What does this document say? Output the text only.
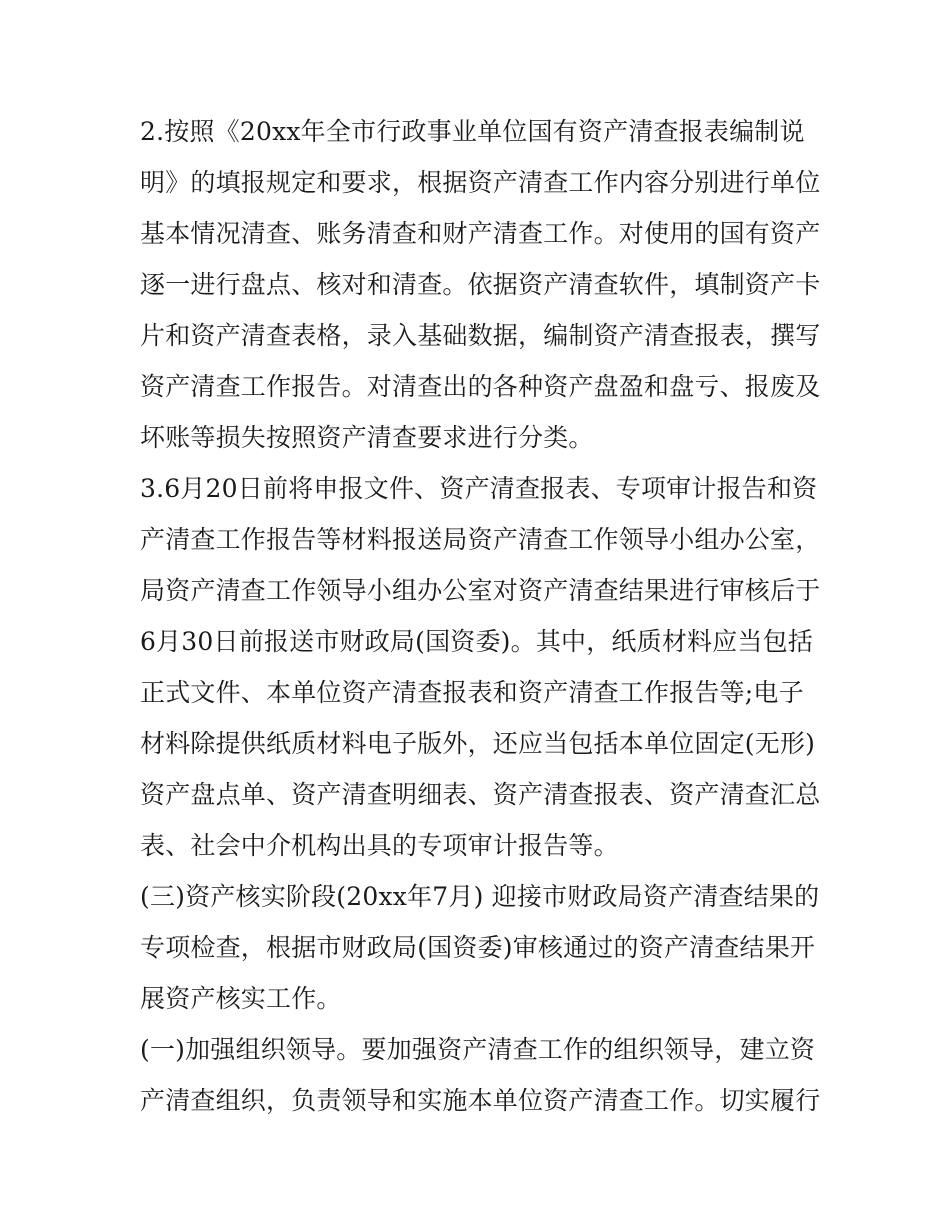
2.按照《20xx年全市行政事业单位国有资产清查报表编制说
明》的填报规定和要求，根据资产清查工作内容分别进行单位
基本情况清查、账务清查和财产清查工作。对使用的国有资产
逐一进行盘点、核对和清查。依据资产清查软件，填制资产卡
片和资产清查表格，录入基础数据，编制资产清查报表，撰写
资产清查工作报告。对清查出的各种资产盘盈和盘亏、报废及
坏账等损失按照资产清查要求进行分类。
3.6月20日前将申报文件、资产清查报表、专项审计报告和资
产清查工作报告等材料报送局资产清查工作领导小组办公室，
局资产清查工作领导小组办公室对资产清查结果进行审核后于
6月30日前报送市财政局(国资委)。其中，纸质材料应当包括
正式文件、本单位资产清查报表和资产清查工作报告等;电子
材料除提供纸质材料电子版外，还应当包括本单位固定(无形)
资产盘点单、资产清查明细表、资产清查报表、资产清查汇总
表、社会中介机构出具的专项审计报告等。
(三)资产核实阶段(20xx年7月) 迎接市财政局资产清查结果的
专项检查，根据市财政局(国资委)审核通过的资产清查结果开
展资产核实工作。
(一)加强组织领导。要加强资产清查工作的组织领导，建立资
产清查组织，负责领导和实施本单位资产清查工作。切实履行
